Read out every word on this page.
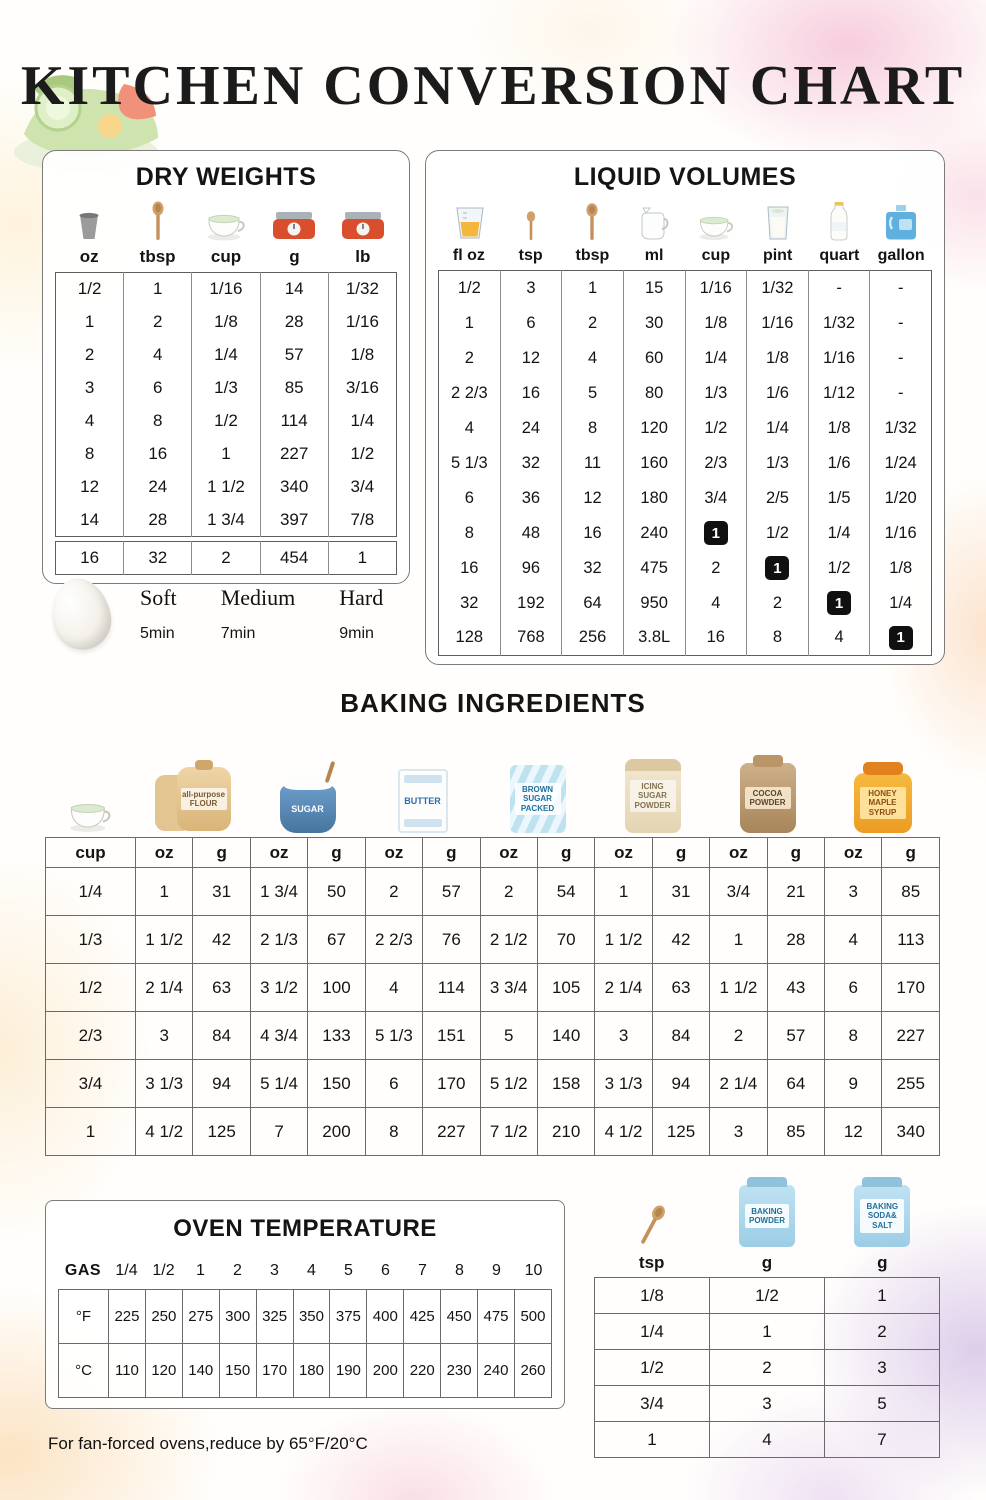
KITCHEN CONVERSION CHART
DRY WEIGHTS
oz	tbsp	cup	g	lb
1/2	1	1/16	14	1/32
1	2	1/8	28	1/16
2	4	1/4	57	1/8
3	6	1/3	85	3/16
4	8	1/2	114	1/4
8	16	1	227	1/2
12	24	1 1/2	340	3/4
14	28	1 3/4	397	7/8
16	32	2	454	1
Soft
5min
Medium
7min
Hard
9min
LIQUID VOLUMES
fl oz	tsp	tbsp	ml	cup	pint	quart	gallon
1/2	3	1	15	1/16	1/32	-	-
1	6	2	30	1/8	1/16	1/32	-
2	12	4	60	1/4	1/8	1/16	-
2 2/3	16	5	80	1/3	1/6	1/12	-
4	24	8	120	1/2	1/4	1/8	1/32
5 1/3	32	11	160	2/3	1/3	1/6	1/24
6	36	12	180	3/4	2/5	1/5	1/20
8	48	16	240	1	1/2	1/4	1/16
16	96	32	475	2	1	1/2	1/8
32	192	64	950	4	2	1	1/4
128	768	256	3.8L	16	8	4	1
BAKING INGREDIENTS
all-purpose FLOUR
SUGAR
BUTTER
BROWN SUGAR PACKED
ICING SUGAR POWDER
COCOA POWDER
HONEY MAPLE SYRUP
cup	oz	g	oz	g	oz	g	oz	g	oz	g	oz	g	oz	g
1/4	1	31	1 3/4	50	2	57	2	54	1	31	3/4	21	3	85
1/3	1 1/2	42	2 1/3	67	2 2/3	76	2 1/2	70	1 1/2	42	1	28	4	113
1/2	2 1/4	63	3 1/2	100	4	114	3 3/4	105	2 1/4	63	1 1/2	43	6	170
2/3	3	84	4 3/4	133	5 1/3	151	5	140	3	84	2	57	8	227
3/4	3 1/3	94	5 1/4	150	6	170	5 1/2	158	3 1/3	94	2 1/4	64	9	255
1	4 1/2	125	7	200	8	227	7 1/2	210	4 1/2	125	3	85	12	340
OVEN TEMPERATURE
GAS	1/4	1/2	1	2	3	4	5	6	7	8	9	10
°F	225	250	275	300	325	350	375	400	425	450	475	500
°C	110	120	140	150	170	180	190	200	220	230	240	260

For fan-forced ovens,reduce by 65°F/20°C

BAKING POWDER
BAKING SODA& SALT
tsp	g	g
1/8	1/2	1
1/4	1	2
1/2	2	3
3/4	3	5
1	4	7
